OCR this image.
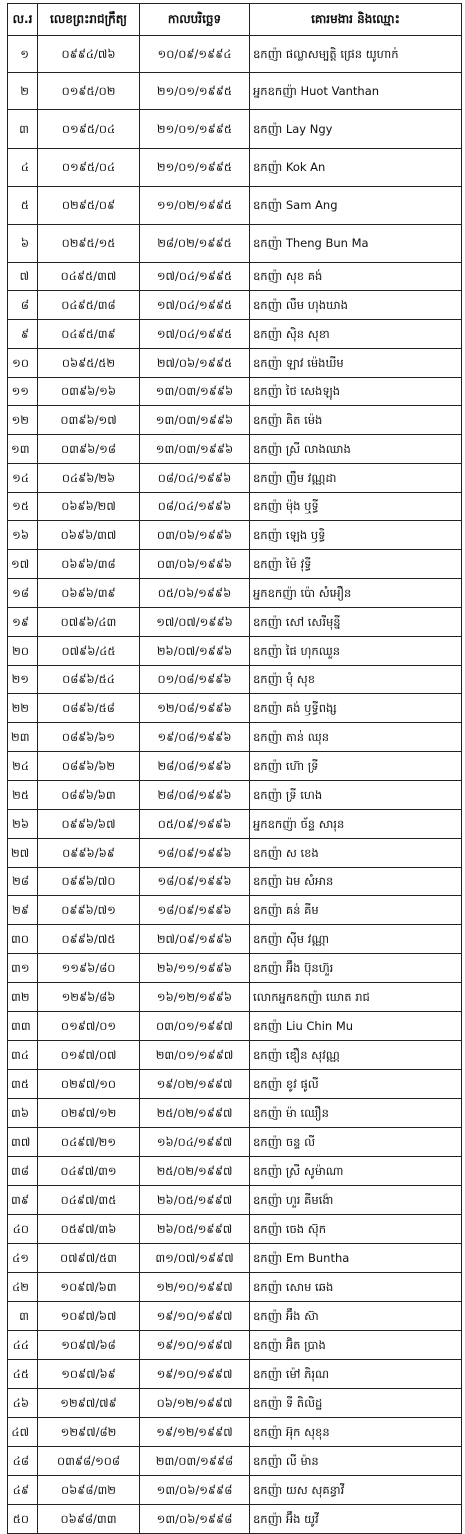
ល.រ	លេខព្រះរាជក្រឹត្យ	កាលបរិច្ឆេទ	គោរមងារ និងឈ្មោះ
១	០៩៩៤/៧៦	១០/០៩/១៩៩៤	ឧកញ៉ា ផល្លាសម្បត្តិ ផ្រេន យូហាក់
២	០១៩៥/០២	២១/០១/១៩៩៥	អ្នកឧកញ៉ា Huot Vanthan
៣	០១៩៥/០៤	២១/០១/១៩៩៥	ឧកញ៉ា Lay Ngy
៤	០១៩៥/០៤	២១/០១/១៩៩៥	ឧកញ៉ា Kok An
៥	០២៩៥/០៩	១១/០២/១៩៩៥	ឧកញ៉ា Sam Ang
៦	០២៩៥/១៥	២៨/០២/១៩៩៥	ឧកញ៉ា Theng Bun Ma
៧	០៤៩៥/៣៧	១៧/០៤/១៩៩៥	ឧកញ៉ា សុខ គង់
៨	០៤៩៥/៣៨	១៧/០៤/១៩៩៥	ឧកញ៉ា លឹម ហុងឃាង
៩	០៤៩៥/៣៩	១៧/០៤/១៩៩៥	ឧកញ៉ា ស៊ិន សុខា
១០	០៦៩៥/៥២	២៧/០៦/១៩៩៥	ឧកញ៉ា ឡាវ ម៉េងឃីម
១១	០៣៩៦/១៦	១៣/០៣/១៩៩៦	ឧកញ៉ា ថៃ សេងឡុង
១២	០៣៩៦/១៧	១៣/០៣/១៩៩៦	ឧកញ៉ា គិត ម៉េង
១៣	០៣៩៦/១៨	១៣/០៣/១៩៩៦	ឧកញ៉ា ស្រី លាងឈាង
១៤	០៤៩៦/២៦	០៨/០៤/១៩៩៦	ឧកញ៉ា ញឹម វណ្ណដា
១៥	០៦៩៦/២៧	០៨/០៤/១៩៩៦	ឧកញ៉ា ម៉ុង ឬទ្ធី
១៦	០៦៩៦/៣៧	០៣/០៦/១៩៩៦	ឧកញ៉ា ឡេង ឫទ្ធិ
១៧	០៦៩៦/៣៨	០៣/០៦/១៩៩៦	ឧកញ៉ា ម៉ៃ វុទ្ធី
១៨	០៦៩៦/៣៩	០៥/០៦/១៩៩៦	អ្នកឧកញ៉ា ប៉ោ សំអឿន
១៩	០៧៩៦/៤៣	១៧/០៧/១៩៩៦	ឧកញ៉ា សៅ សេរីមុន្នី
២០	០៧៩៦/៤៥	២៦/០៧/១៩៩៦	ឧកញ៉ា ផៃ ហុកឈួន
២១	០៨៩៦/៥៤	០១/០៨/១៩៩៦	ឧកញ៉ា មុំ សុខ
២២	០៨៩៦/៥៨	១២/០៨/១៩៩៦	ឧកញ៉ា គង់ ឫទ្ធីពង្ស
២៣	០៨៩៦/៦១	១៩/០៨/១៩៩៦	ឧកញ៉ា តាន់ ឈុន
២៤	០៨៩៦/៦២	២៨/០៨/១៩៩៦	ឧកញ៉ា ហ៊ោ ទ្រី
២៥	០៨៩៦/៦៣	២៨/០៨/១៩៩៦	ឧកញ៉ា ទ្រី ហេង
២៦	០៩៩៦/៦៧	០៥/០៩/១៩៩៦	អ្នកឧកញ៉ា ច័ន្ទ សារុន
២៧	០៩៩៦/៦៩	១៨/០៩/១៩៩៦	ឧកញ៉ា ស ខេង
២៨	០៩៩៦/៧០	១៨/០៩/១៩៩៦	ឧកញ៉ា ឯម សំអាន
២៩	០៩៩៦/៧១	១៨/០៩/១៩៩៦	ឧកញ៉ា គន់ គីម
៣០	០៩៩៦/៧៥	២៧/០៩/១៩៩៦	ឧកញ៉ា ស៊ីម វណ្ណា
៣១	១១៩៦/៨០	២៦/១១/១៩៩៦	ឧកញ៉ា អ៊ឹង ប៊ុនហ៊ួរ
៣២	១២៩៦/៨៦	១៦/១២/១៩៩៦	លោកអ្នកឧកញ៉ា ឃោត រាជ
៣៣	០១៩៧/០១	០៣/០១/១៩៩៧	ឧកញ៉ា Liu Chin Mu
៣៤	០១៩៧/០៧	២៣/០១/១៩៩៧	ឧកញ៉ា ឌឿន សុវណ្ណ
៣៥	០២៩៧/១០	១៩/០២/១៩៩៧	ឧកញ៉ា ខូវ ផូលី
៣៦	០២៩៧/១២	២៥/០២/១៩៩៧	ឧកញ៉ា ម៉ា ឈឿន
៣៧	០៤៩៧/២១	១៦/០៤/១៩៩៧	ឧកញ៉ា ចន្ទ លី
៣៨	០៤៩៧/៣១	២៥/០២/១៩៩៧	ឧកញ៉ា ស្រី សូម៉ាណា
៣៩	០៤៩៧/៣៥	២៦/០៥/១៩៩៧	ឧកញ៉ា ហួរ គីមង៉ោ
៤០	០៥៩៧/៣៦	២៦/០៥/១៩៩៧	ឧកញ៉ា ចេង ស៊ុក
៤១	០៧៩៧/៥៣	៣១/០៧/១៩៩៧	ឧកញ៉ា Em Buntha
៤២	១០៩៧/៦៣	១២/១០/១៩៩៧	ឧកញ៉ា សោម ឆេង
៣	១០៩៧/៦៧	១៩/១០/១៩៩៧	ឧកញ៉ា អ៊ឹង ស៊ា
៤៤	១០៩៧/៦៨	១៩/១០/១៩៩៧	ឧកញ៉ា អ៊ិត ប្រាង
៤៥	១០៩៧/៦៩	១៩/១០/១៩៩៧	ឧកញ៉ា ម៉ៅ ភិរុណ
៤៦	១២៩៧/៧៩	០៦/១២/១៩៩៧	ឧកញ៉ា ទី តិលិដ្ឋ
៤៧	១២៩៧/៨២	១៩/១២/១៩៩៧	ឧកញ៉ា អ៊ុក សុខុន
៤៨	០៣៩៨/១០៨	២៣/០៣/១៩៩៨	ឧកញ៉ា លី ម៉ាន
៤៩	០៦៩៨/៣២	១៣/០៦/១៩៩៨	ឧកញ៉ា យស សុគន្ធាវី
៥០	០៦៩៨/៣៣	១៣/០៦/១៩៩៨	ឧកញ៉ា អ៊ឹង យូវី
